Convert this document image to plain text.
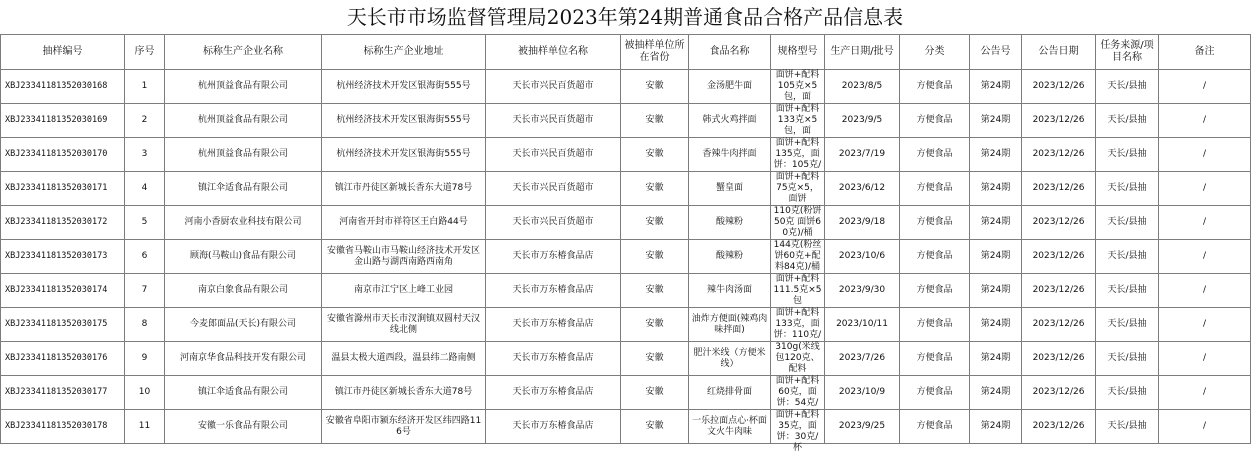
天长市市场监督管理局2023年第24期普通食品合格产品信息表
抽样编号	序号	标称生产企业名称	标称生产企业地址	被抽样单位名称	被抽样单位所在省份	食品名称	规格型号	生产日期/批号	分类	公告号	公告日期	任务来源/项目名称	备注

XBJ23341181352030168	1	杭州顶益食品有限公司	杭州经济技术开发区银海街555号	天长市兴民百货超市	安徽	金汤肥牛面	面饼+配料105克×5包，面	2023/8/5	方便食品	第24期	2023/12/26	天长/县抽	/

XBJ23341181352030169	2	杭州顶益食品有限公司	杭州经济技术开发区银海街555号	天长市兴民百货超市	安徽	韩式火鸡拌面	面饼+配料133克×5包，面	2023/9/5	方便食品	第24期	2023/12/26	天长/县抽	/

XBJ23341181352030170	3	杭州顶益食品有限公司	杭州经济技术开发区银海街555号	天长市兴民百货超市	安徽	香辣牛肉拌面	面饼+配料135克，面饼：105克/	2023/7/19	方便食品	第24期	2023/12/26	天长/县抽	/

XBJ23341181352030171	4	镇江伞适食品有限公司	镇江市丹徒区新城长香东大道78号	天长市兴民百货超市	安徽	蟹皇面	面饼+配料75克×5，面饼	2023/6/12	方便食品	第24期	2023/12/26	天长/县抽	/

XBJ23341181352030172	5	河南小香厨农业科技有限公司	河南省开封市祥符区王白路44号	天长市兴民百货超市	安徽	酸辣粉	110克(粉饼50克 面饼60克)/桶	2023/9/18	方便食品	第24期	2023/12/26	天长/县抽	/

XBJ23341181352030173	6	顾海(马鞍山)食品有限公司	安徽省马鞍山市马鞍山经济技术开发区金山路与湖西南路西南角	天长市万东椿食品店	安徽	酸辣粉	144克(粉丝饼60克+配料84克)/桶	2023/10/6	方便食品	第24期	2023/12/26	天长/县抽	/

XBJ23341181352030174	7	南京白象食品有限公司	南京市江宁区上峰工业园	天长市万东椿食品店	安徽	辣牛肉汤面	面饼+配料111.5克×5包	2023/9/30	方便食品	第24期	2023/12/26	天长/县抽	/

XBJ23341181352030175	8	今麦郎面品(天长)有限公司	安徽省滁州市天长市汊涧镇双圆村天汉线北侧	天长市万东椿食品店	安徽	油炸方便面(辣鸡肉味拌面)	面饼+配料133克，面饼：110克/	2023/10/11	方便食品	第24期	2023/12/26	天长/县抽	/

XBJ23341181352030176	9	河南京华食品科技开发有限公司	温县太极大道西段，温县纬二路南侧	天长市万东椿食品店	安徽	肥汁米线（方便米线）	310g(米线包120克、配料	2023/7/26	方便食品	第24期	2023/12/26	天长/县抽	/

XBJ23341181352030177	10	镇江伞适食品有限公司	镇江市丹徒区新城长香东大道78号	天长市万东椿食品店	安徽	红烧排骨面	面饼+配料60克，面饼：54克/	2023/10/9	方便食品	第24期	2023/12/26	天长/县抽	/

XBJ23341181352030178	11	安徽一乐食品有限公司	安徽省阜阳市颍东经济开发区纬四路116号	天长市万东椿食品店	安徽	一乐拉面点心·杯面文火牛肉味	面饼+配料35克，面饼：30克/杯	2023/9/25	方便食品	第24期	2023/12/26	天长/县抽	/
